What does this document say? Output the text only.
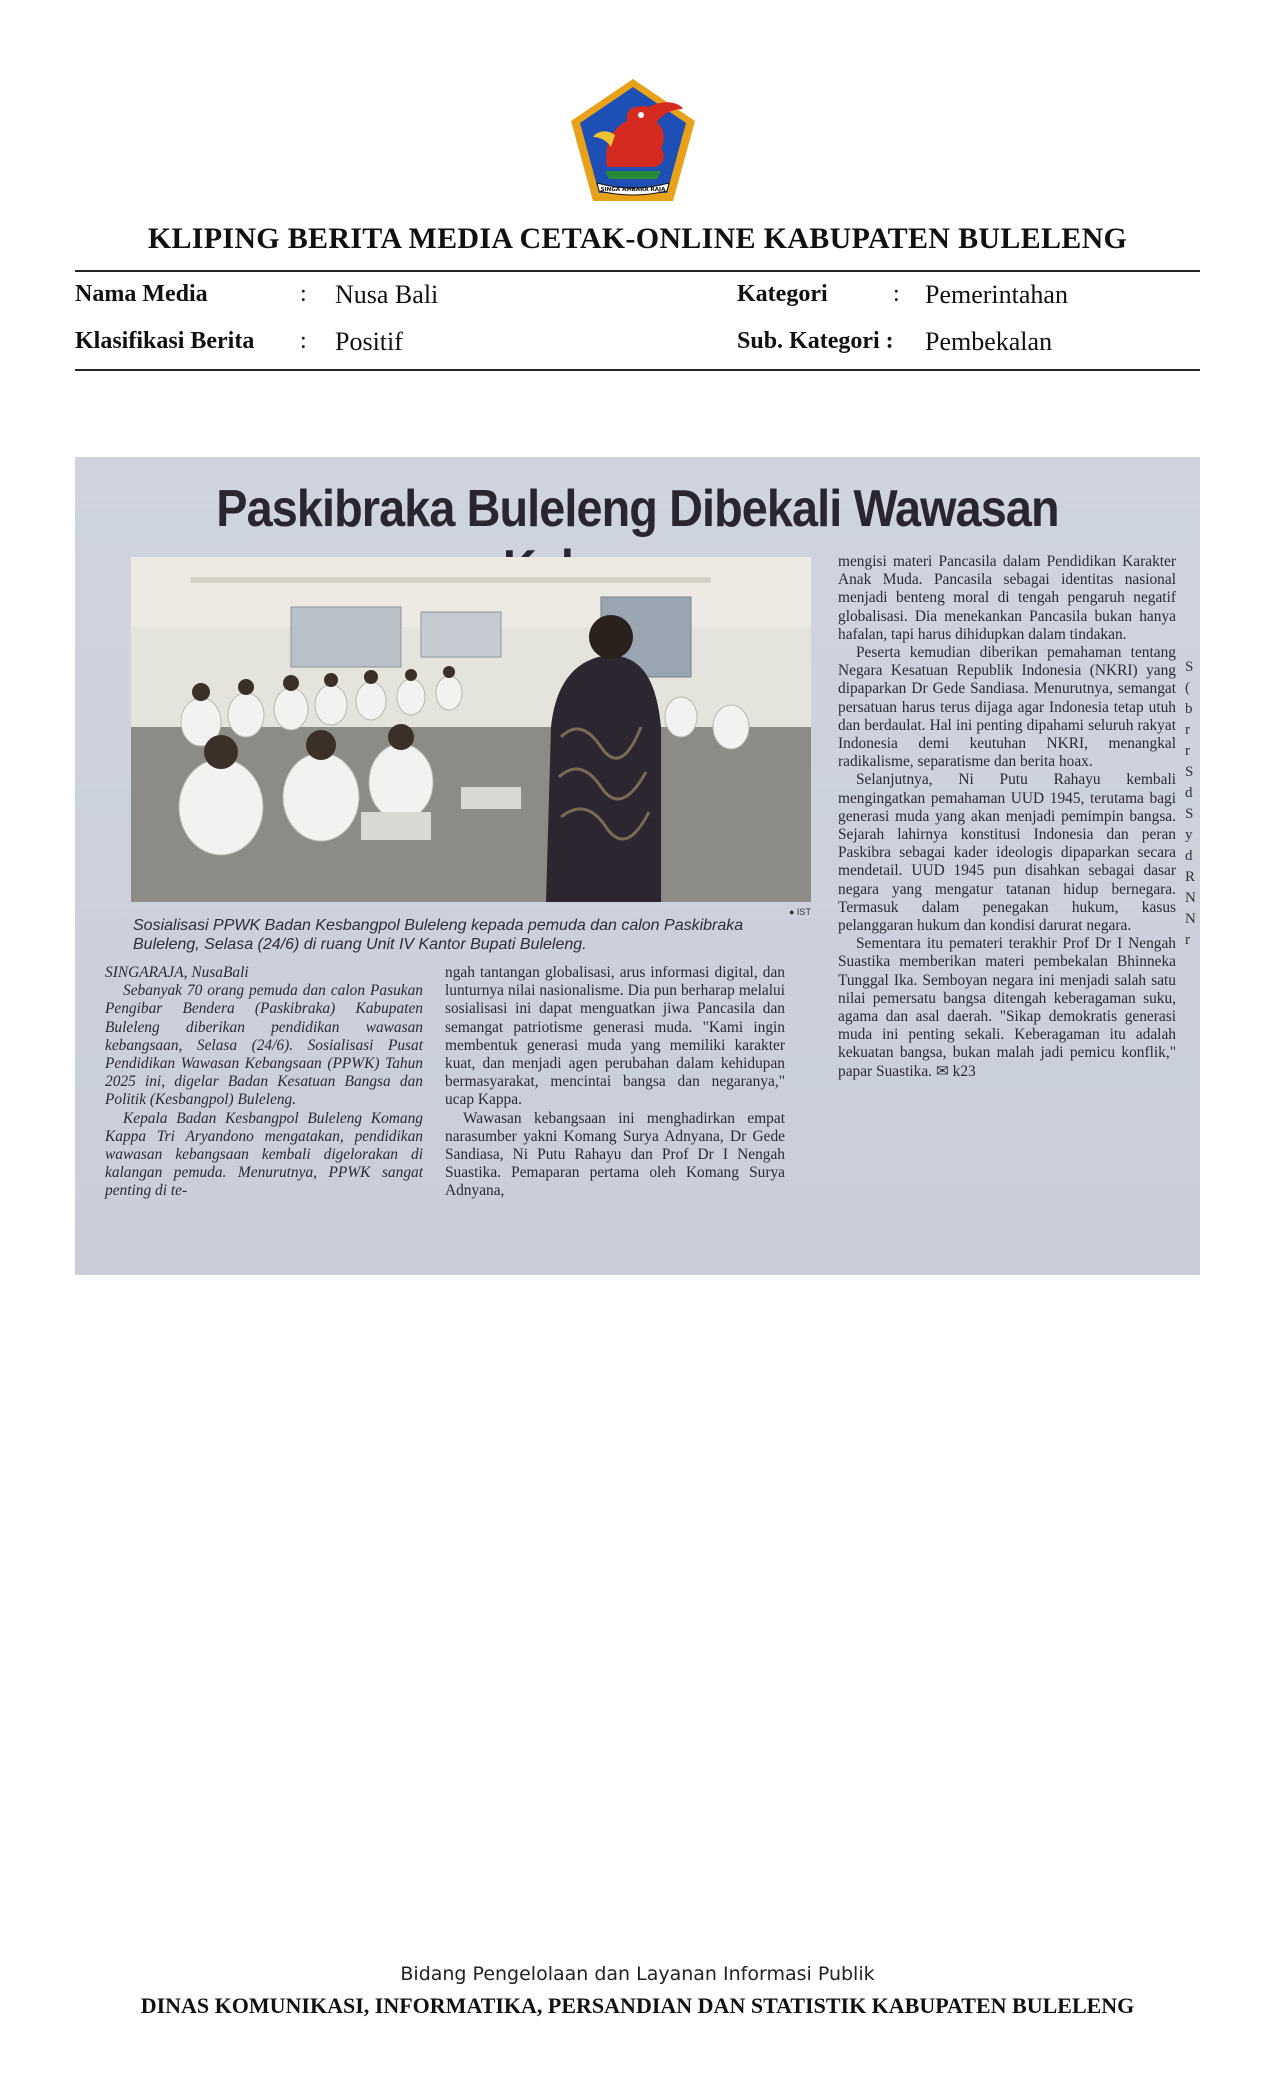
SINGA AMBARA RAJA
KLIPING BERITA MEDIA CETAK-ONLINE KABUPATEN BULELENG
Nama Media	: Nusa Bali	Kategori	: Pemerintahan
Klasifikasi Berita : Positif	Sub. Kategori : Pembekalan
Paskibraka Buleleng Dibekali Wawasan
● IST
Sosialisasi PPWK Badan Kesbangpol Buleleng kepada pemuda dan calon Paskibraka Buleleng, Selasa (24/6) di ruang Unit IV Kantor Bupati Buleleng.

SINGARAJA, NusaBali

Sebanyak 70 orang pemuda dan calon Pasukan Pengibar Bendera (Paskibraka) Kabupaten Buleleng diberikan pendidikan wawasan kebangsaan, Selasa (24/6). Sosialisasi Pusat Pendidikan Wawasan Kebangsaan (PPWK) Tahun 2025 ini, digelar Badan Kesatuan Bangsa dan Politik (Kesbangpol) Buleleng.

Kepala Badan Kesbangpol Buleleng Komang Kappa Tri Aryandono mengatakan, pendidikan wawasan kebangsaan kembali digelorakan di kalangan pemuda. Menurutnya, PPWK sangat penting di te-

ngah tantangan globalisasi, arus informasi digital, dan lunturnya nilai nasionalisme. Dia pun berharap melalui sosialisasi ini dapat menguatkan jiwa Pancasila dan semangat patriotisme generasi muda. "Kami ingin membentuk generasi muda yang memiliki karakter kuat, dan menjadi agen perubahan dalam kehidupan bermasyarakat, mencintai bangsa dan negaranya," ucap Kappa.

Wawasan kebangsaan ini menghadirkan empat narasumber yakni Komang Surya Adnyana, Dr Gede Sandiasa, Ni Putu Rahayu dan Prof Dr I Nengah Suastika. Pemaparan pertama oleh Komang Surya Adnyana,

mengisi materi Pancasila dalam Pendidikan Karakter Anak Muda. Pancasila sebagai identitas nasional menjadi benteng moral di tengah pengaruh negatif globalisasi. Dia menekankan Pancasila bukan hanya hafalan, tapi harus dihidupkan dalam tindakan.

Peserta kemudian diberikan pemahaman tentang Negara Kesatuan Republik Indonesia (NKRI) yang dipaparkan Dr Gede Sandiasa. Menurutnya, semangat persatuan harus terus dijaga agar Indonesia tetap utuh dan berdaulat. Hal ini penting dipahami seluruh rakyat Indonesia demi keutuhan NKRI, menangkal radikalisme, separatisme dan berita hoax.

Selanjutnya, Ni Putu Rahayu kembali mengingatkan pemahaman UUD 1945, terutama bagi generasi muda yang akan menjadi pemimpin bangsa. Sejarah lahirnya konstitusi Indonesia dan peran Paskibra sebagai kader ideologis dipaparkan secara mendetail. UUD 1945 pun disahkan sebagai dasar negara yang mengatur tatanan hidup bernegara. Termasuk dalam penegakan hukum, kasus pelanggaran hukum dan kondisi darurat negara.

Sementara itu pemateri terakhir Prof Dr I Nengah Suastika memberikan materi pembekalan Bhinneka Tunggal Ika. Semboyan negara ini menjadi salah satu nilai pemersatu bangsa ditengah keberagaman suku, agama dan asal daerah. "Sikap demokratis generasi muda ini penting sekali. Keberagaman itu adalah kekuatan bangsa, bukan malah jadi pemicu konflik," papar Suastika. ✉ k23

S
(
b
r
r
S
d
S
y
d
R
N
N
r
Bidang Pengelolaan dan Layanan Informasi Publik
DINAS KOMUNIKASI, INFORMATIKA, PERSANDIAN DAN STATISTIK KABUPATEN BULELENG
